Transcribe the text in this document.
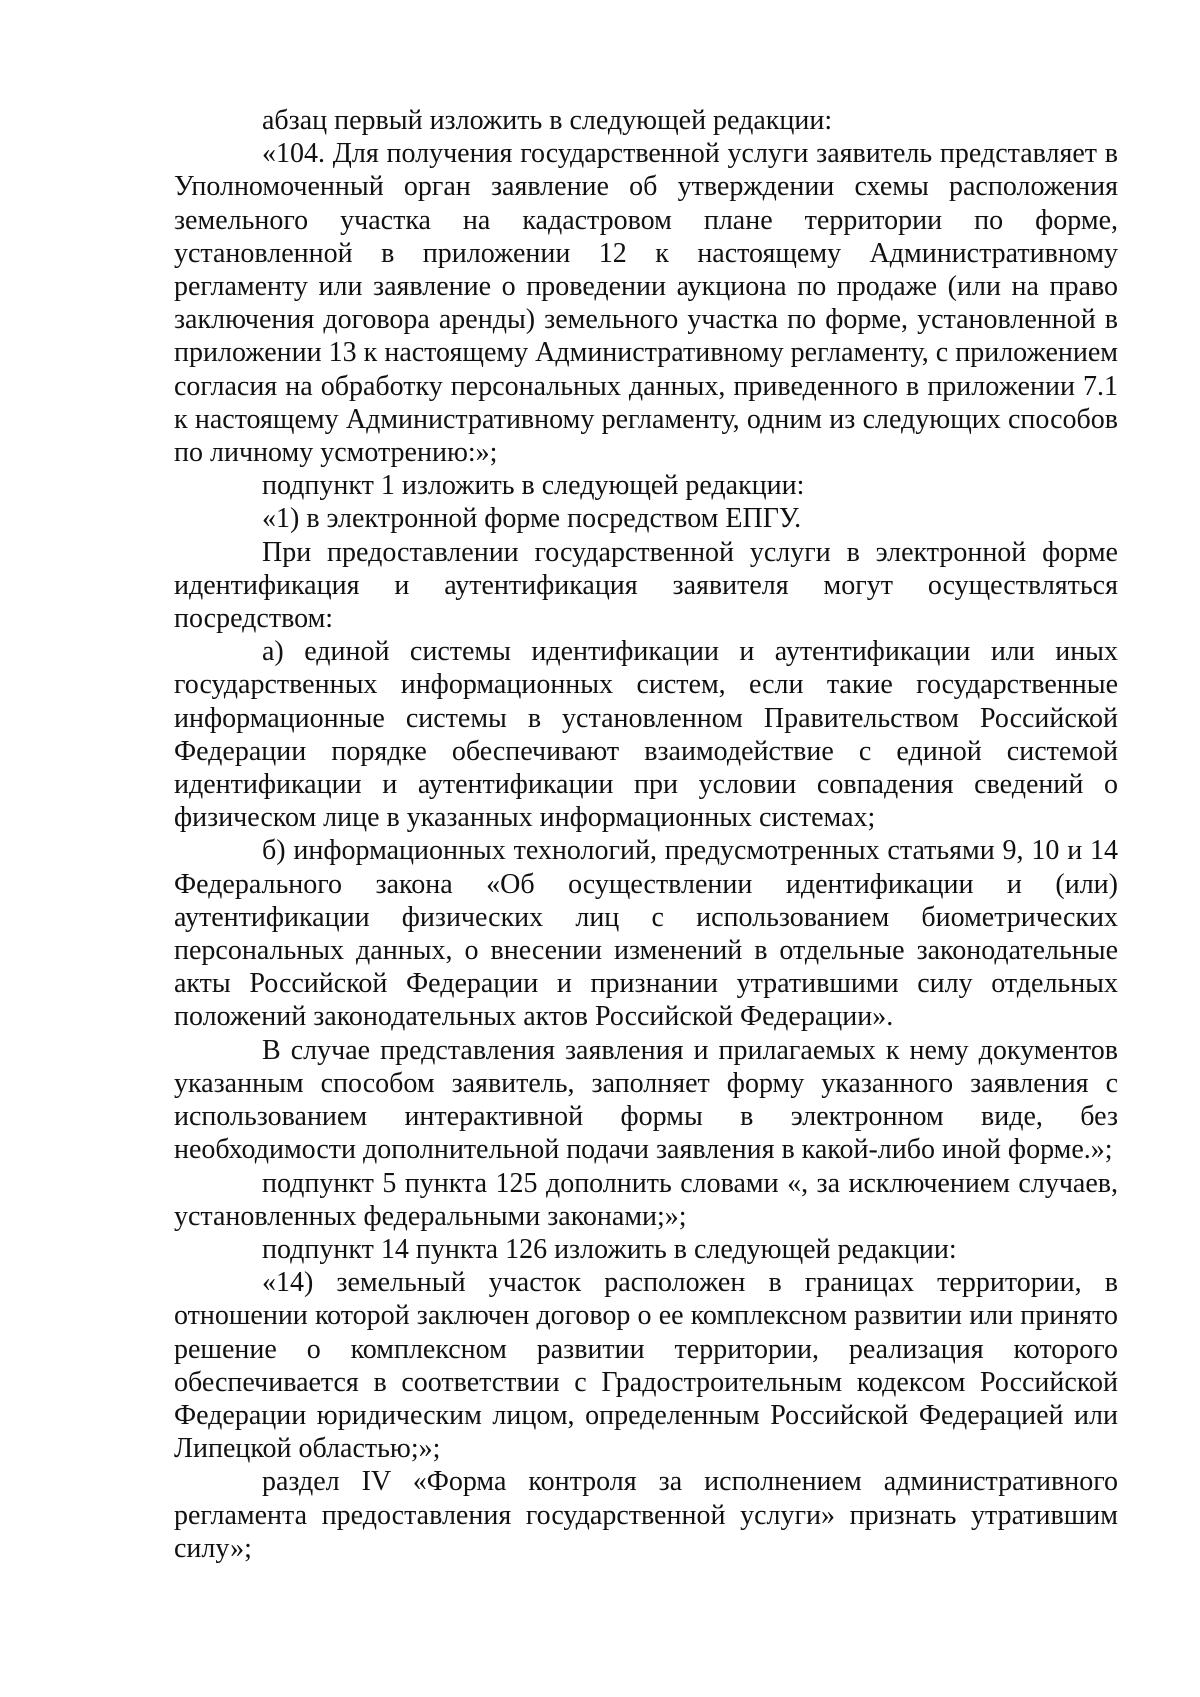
абзац первый изложить в следующей редакции:

«104. Для получения государственной услуги заявитель представляет в Уполномоченный орган заявление об утверждении схемы расположения земельного участка на кадастровом плане территории по форме, установленной в приложении 12 к настоящему Административному регламенту или заявление о проведении аукциона по продаже (или на право заключения договора аренды) земельного участка по форме, установленной в приложении 13 к настоящему Административному регламенту, с приложением согласия на обработку персональных данных, приведенного в приложении 7.1 к настоящему Административному регламенту, одним из следующих способов по личному усмотрению:»;

подпункт 1 изложить в следующей редакции:

«1) в электронной форме посредством ЕПГУ.

При предоставлении государственной услуги в электронной форме идентификация и аутентификация заявителя могут осуществляться посредством:

а) единой системы идентификации и аутентификации или иных государственных информационных систем, если такие государственные информационные системы в установленном Правительством Российской Федерации порядке обеспечивают взаимодействие с единой системой идентификации и аутентификации при условии совпадения сведений о физическом лице в указанных информационных системах;

б) информационных технологий, предусмотренных статьями 9, 10 и 14 Федерального закона «Об осуществлении идентификации и (или) аутентификации физических лиц с использованием биометрических персональных данных, о внесении изменений в отдельные законодательные акты Российской Федерации и признании утратившими силу отдельных положений законодательных актов Российской Федерации».

В случае представления заявления и прилагаемых к нему документов указанным способом заявитель, заполняет форму указанного заявления с использованием интерактивной формы в электронном виде, без необходимости дополнительной подачи заявления в какой-либо иной форме.»;

подпункт 5 пункта 125 дополнить словами «, за исключением случаев, установленных федеральными законами;»;

подпункт 14 пункта 126 изложить в следующей редакции:

«14) земельный участок расположен в границах территории, в отношении которой заключен договор о ее комплексном развитии или принято решение о комплексном развитии территории, реализация которого обеспечивается в соответствии с Градостроительным кодексом Российской Федерации юридическим лицом, определенным Российской Федерацией или Липецкой областью;»;

раздел IV «Форма контроля за исполнением административного регламента предоставления государственной услуги» признать утратившим силу»;
